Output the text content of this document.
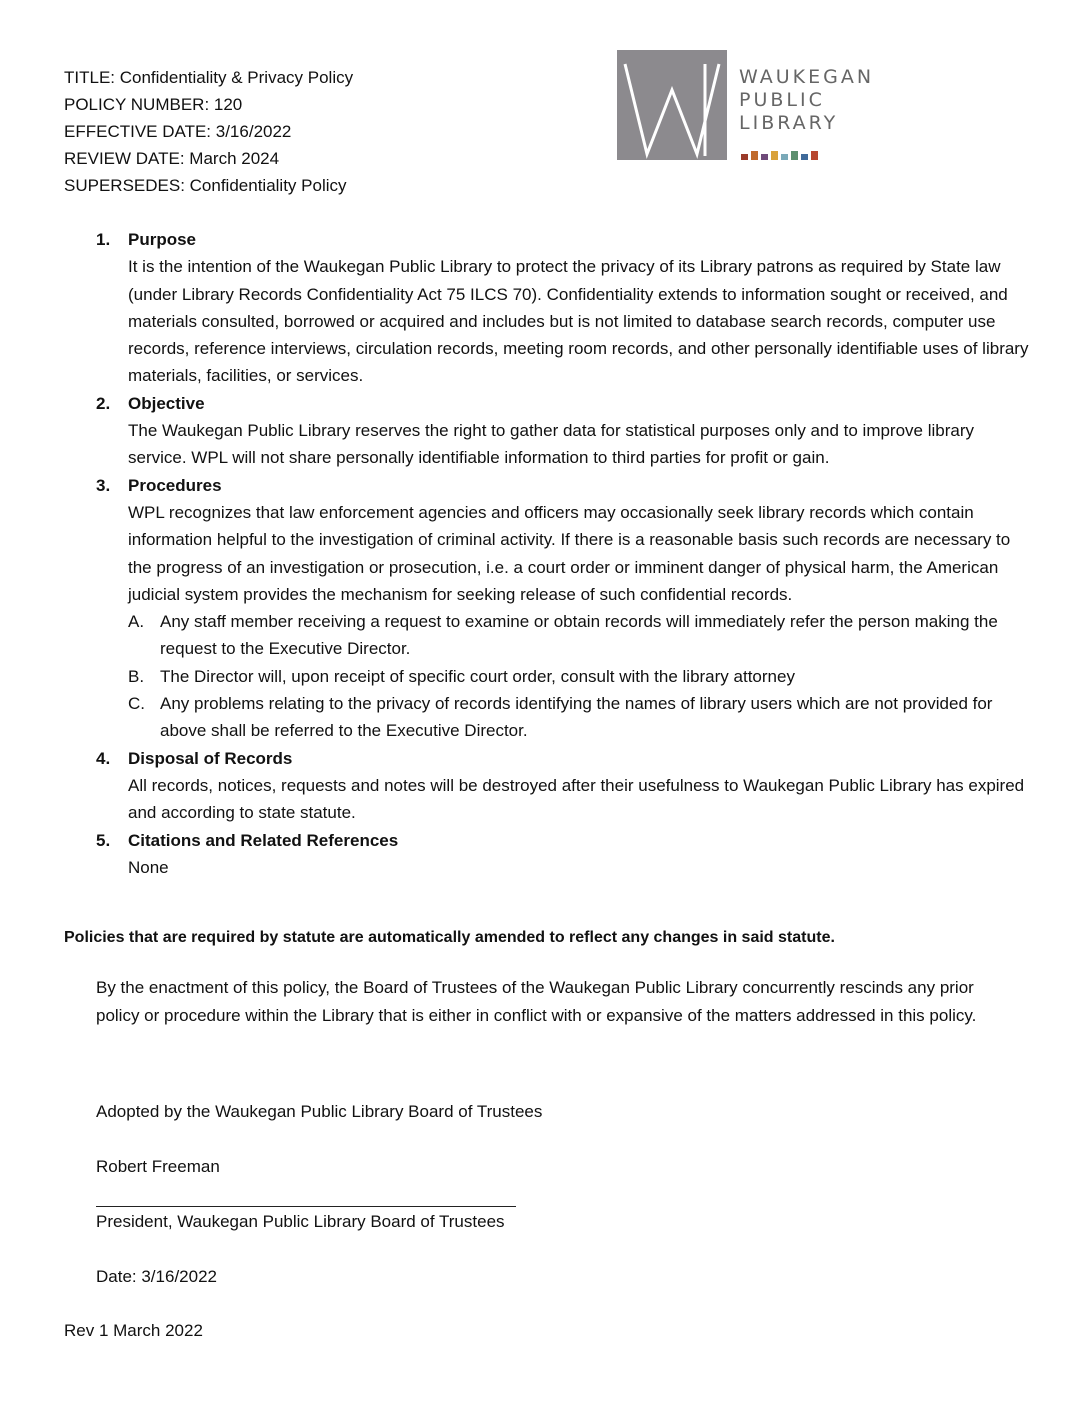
TITLE: Confidentiality & Privacy Policy
POLICY NUMBER: 120
EFFECTIVE DATE: 3/16/2022
REVIEW DATE: March 2024
SUPERSEDES: Confidentiality Policy
WAUKEGAN
PUBLIC
LIBRARY
1. Purpose
It is the intention of the Waukegan Public Library to protect the privacy of its Library patrons as required by State law (under Library Records Confidentiality Act 75 ILCS 70). Confidentiality extends to information sought or received, and materials consulted, borrowed or acquired and includes but is not limited to database search records, computer use records, reference interviews, circulation records, meeting room records, and other personally identifiable uses of library materials, facilities, or services.
2. Objective
The Waukegan Public Library reserves the right to gather data for statistical purposes only and to improve library service. WPL will not share personally identifiable information to third parties for profit or gain.
3. Procedures
WPL recognizes that law enforcement agencies and officers may occasionally seek library records which contain information helpful to the investigation of criminal activity. If there is a reasonable basis such records are necessary to the progress of an investigation or prosecution, i.e. a court order or imminent danger of physical harm, the American judicial system provides the mechanism for seeking release of such confidential records.
A. Any staff member receiving a request to examine or obtain records will immediately refer the person making the request to the Executive Director.
B. The Director will, upon receipt of specific court order, consult with the library attorney
C. Any problems relating to the privacy of records identifying the names of library users which are not provided for above shall be referred to the Executive Director.
4. Disposal of Records
All records, notices, requests and notes will be destroyed after their usefulness to Waukegan Public Library has expired and according to state statute.
5. Citations and Related References
None
Policies that are required by statute are automatically amended to reflect any changes in said statute.
By the enactment of this policy, the Board of Trustees of the Waukegan Public Library concurrently rescinds any prior policy or procedure within the Library that is either in conflict with or expansive of the matters addressed in this policy.
Adopted by the Waukegan Public Library Board of Trustees
Robert Freeman
President, Waukegan Public Library Board of Trustees
Date: 3/16/2022
Rev 1 March 2022
